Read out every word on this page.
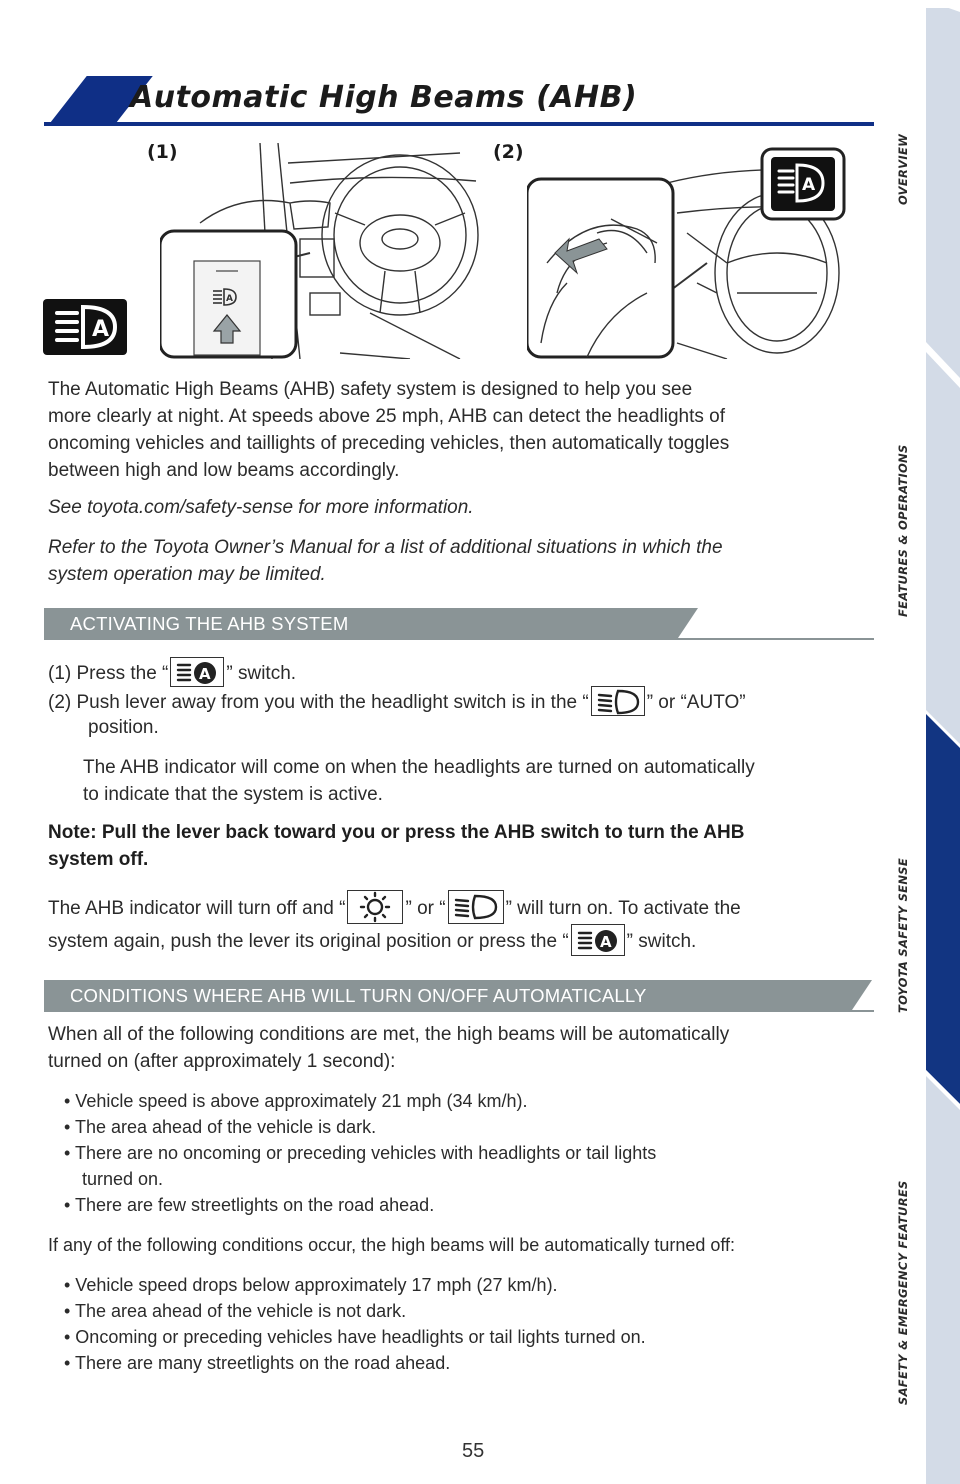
OVERVIEW
FEATURES & OPERATIONS
TOYOTA SAFETY SENSE
SAFETY & EMERGENCY FEATURES
Automatic High Beams (AHB)
(1)	(2)
A
A
A
The Automatic High Beams (AHB) safety system is designed to help you see
more clearly at night. At speeds above 25 mph, AHB can detect the headlights of
oncoming vehicles and taillights of preceding vehicles, then automatically toggles
between high and low beams accordingly.
See toyota.com/safety-sense for more information.
Refer to the Toyota Owner’s Manual for a list of additional situations in which the
system operation may be limited.
ACTIVATING THE AHB SYSTEM
(1) Press the “ A ” switch.
(2) Push lever away from you with the headlight switch is in the “	” or “AUTO”
position.
The AHB indicator will come on when the headlights are turned on automatically
to indicate that the system is active.
Note: Pull the lever back toward you or press the AHB switch to turn the AHB
system off.
The AHB indicator will turn off and “	” or “	” will turn on. To activate the
system again, push the lever its original position or press the “ A ” switch.
CONDITIONS WHERE AHB WILL TURN ON/OFF AUTOMATICALLY
When all of the following conditions are met, the high beams will be automatically
turned on (after approximately 1 second):
• Vehicle speed is above approximately 21 mph (34 km/h).
• The area ahead of the vehicle is dark.
• There are no oncoming or preceding vehicles with headlights or tail lights
turned on.
• There are few streetlights on the road ahead.
If any of the following conditions occur, the high beams will be automatically turned off:
• Vehicle speed drops below approximately 17 mph (27 km/h).
• The area ahead of the vehicle is not dark.
• Oncoming or preceding vehicles have headlights or tail lights turned on.
• There are many streetlights on the road ahead.
55
